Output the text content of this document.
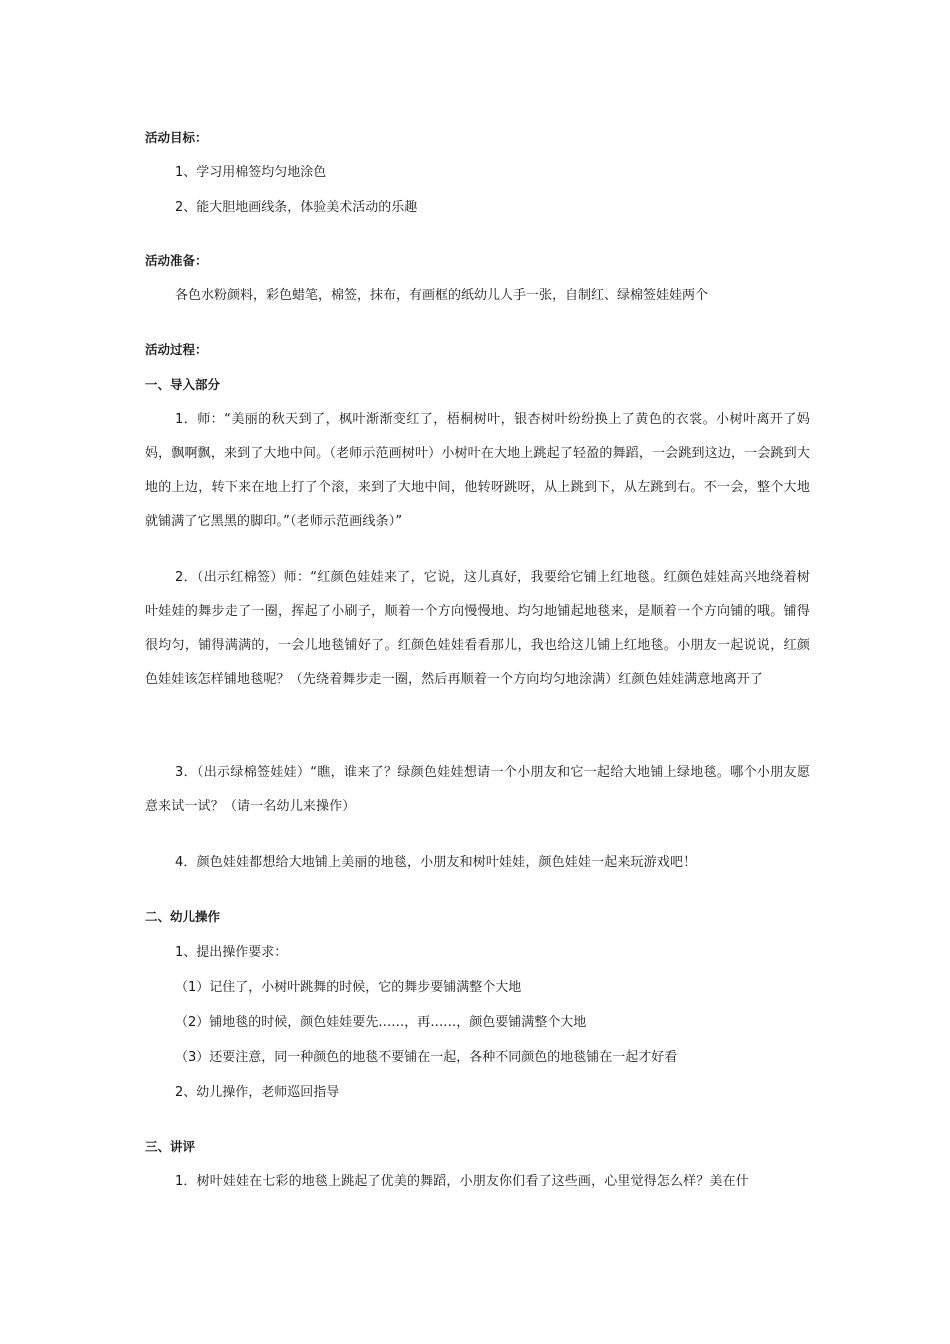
活动目标：
1、学习用棉签均匀地涂色
2、能大胆地画线条，体验美术活动的乐趣
活动准备：
各色水粉颜料，彩色蜡笔，棉签，抹布，有画框的纸幼儿人手一张，自制红、绿棉签娃娃两个
活动过程：
一、导入部分

1．师：“美丽的秋天到了，枫叶渐渐变红了，梧桐树叶，银杏树叶纷纷换上了黄色的衣裳。小树叶离开了妈妈，飘啊飘，来到了大地中间。（老师示范画树叶）小树叶在大地上跳起了轻盈的舞蹈，一会跳到这边，一会跳到大地的上边，转下来在地上打了个滚，来到了大地中间，他转呀跳呀，从上跳到下，从左跳到右。不一会，整个大地就铺满了它黑黑的脚印。”（老师示范画线条）”

2．（出示红棉签）师：“红颜色娃娃来了，它说，这儿真好，我要给它铺上红地毯。红颜色娃娃高兴地绕着树叶娃娃的舞步走了一圈，挥起了小刷子，顺着一个方向慢慢地、均匀地铺起地毯来，是顺着一个方向铺的哦。铺得很均匀，铺得满满的，一会儿地毯铺好了。红颜色娃娃看看那儿，我也给这儿铺上红地毯。小朋友一起说说，红颜色娃娃该怎样铺地毯呢？（先绕着舞步走一圈，然后再顺着一个方向均匀地涂满）红颜色娃娃满意地离开了

3．（出示绿棉签娃娃）“瞧，谁来了？绿颜色娃娃想请一个小朋友和它一起给大地铺上绿地毯。哪个小朋友愿意来试一试？（请一名幼儿来操作）

4．颜色娃娃都想给大地铺上美丽的地毯，小朋友和树叶娃娃，颜色娃娃一起来玩游戏吧！

二、幼儿操作
1、提出操作要求：
（1）记住了，小树叶跳舞的时候，它的舞步要铺满整个大地
（2）铺地毯的时候，颜色娃娃要先……，再……，颜色要铺满整个大地
（3）还要注意，同一种颜色的地毯不要铺在一起，各种不同颜色的地毯铺在一起才好看
2、幼儿操作，老师巡回指导
三、讲评

1．树叶娃娃在七彩的地毯上跳起了优美的舞蹈，小朋友你们看了这些画，心里觉得怎么样？美在什
